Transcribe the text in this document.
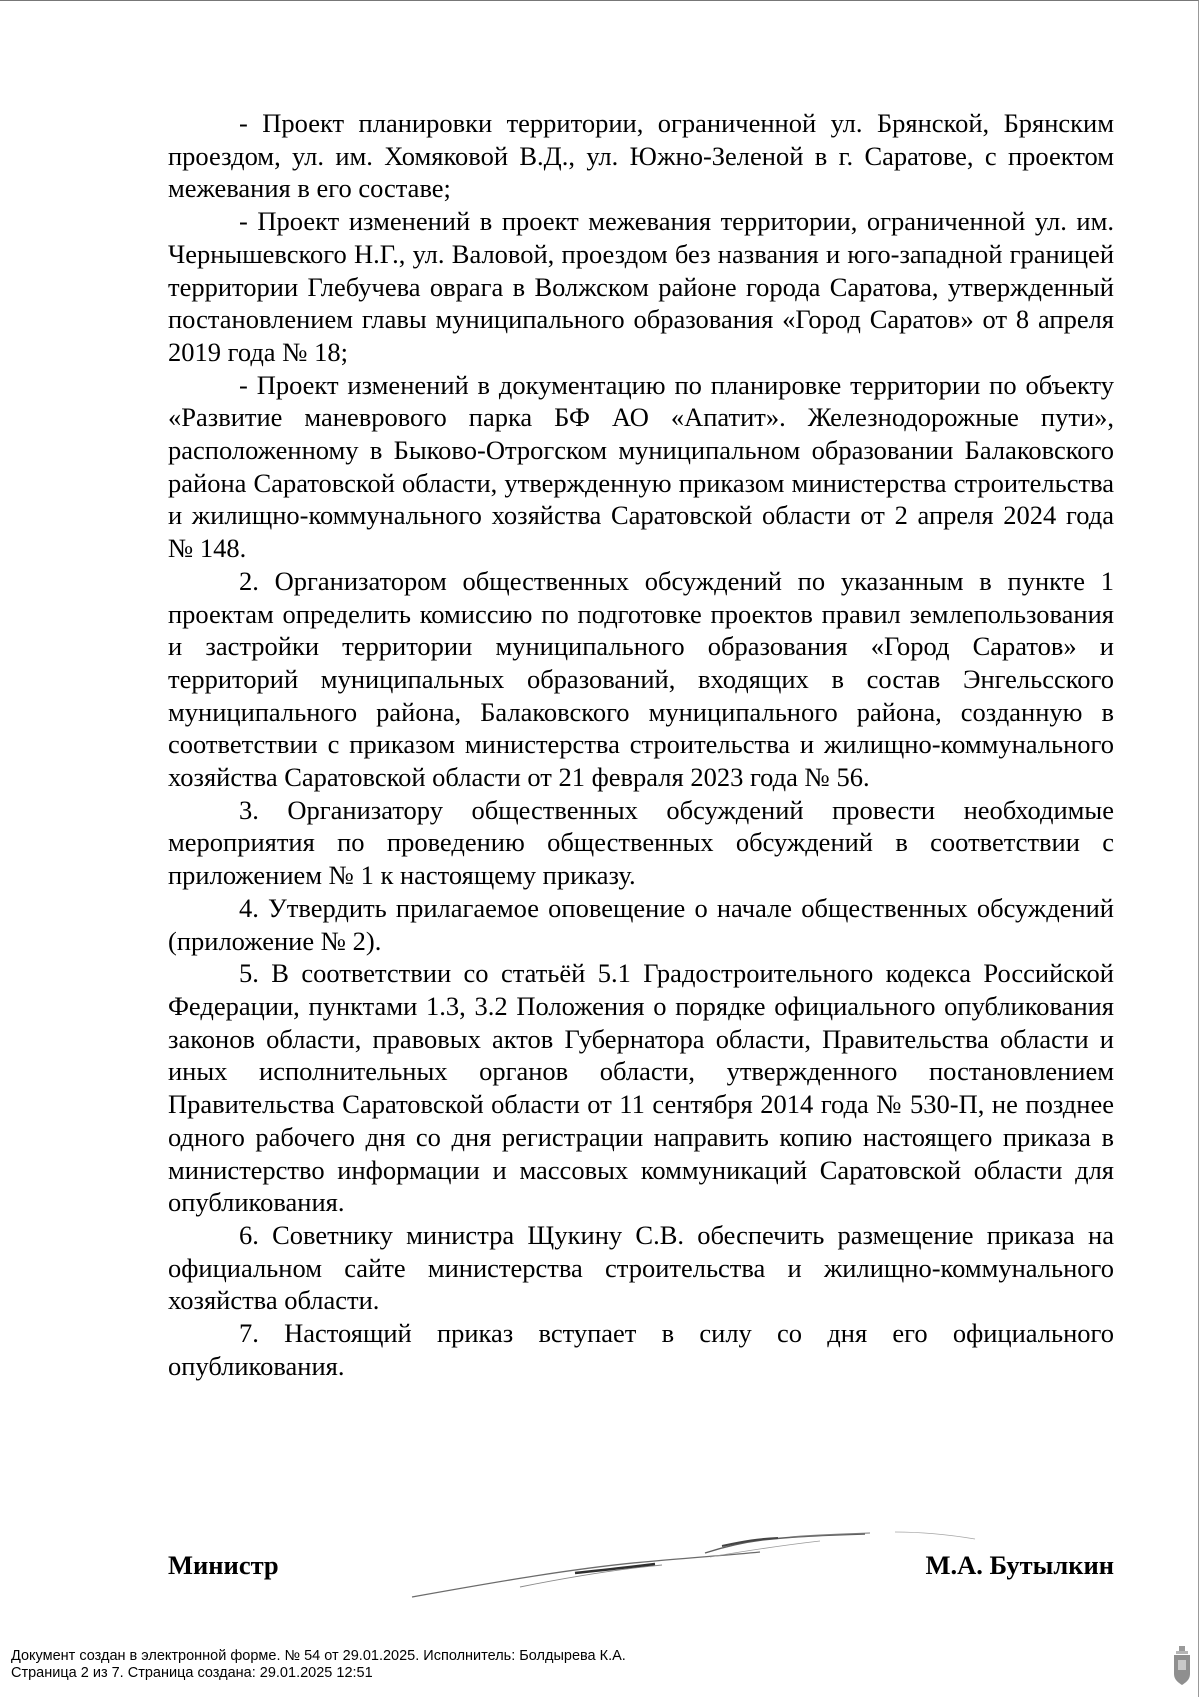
- Проект планировки территории, ограниченной ул. Брянской, Брянским проездом, ул. им. Хомяковой В.Д., ул. Южно-Зеленой в г. Саратове, с проектом межевания в его составе;

- Проект изменений в проект межевания территории, ограниченной ул. им. Чернышевского Н.Г., ул. Валовой, проездом без названия и юго-западной границей территории Глебучева оврага в Волжском районе города Саратова, утвержденный постановлением главы муниципального образования «Город Саратов» от 8 апреля 2019 года № 18;

- Проект изменений в документацию по планировке территории по объекту «Развитие маневрового парка БФ АО «Апатит». Железнодорожные пути», расположенному в Быково-Отрогском муниципальном образовании Балаковского района Саратовской области, утвержденную приказом министерства строительства и жилищно-коммунального хозяйства Саратовской области от 2 апреля 2024 года № 148.

2. Организатором общественных обсуждений по указанным в пункте 1 проектам определить комиссию по подготовке проектов правил землепользования и застройки территории муниципального образования «Город Саратов» и территорий муниципальных образований, входящих в состав Энгельсского муниципального района, Балаковского муниципального района, созданную в соответствии с приказом министерства строительства и жилищно-коммунального хозяйства Саратовской области от 21 февраля 2023 года № 56.

3. Организатору общественных обсуждений провести необходимые мероприятия по проведению общественных обсуждений в соответствии с приложением № 1 к настоящему приказу.

4. Утвердить прилагаемое оповещение о начале общественных обсуждений (приложение № 2).

5. В соответствии со статьёй 5.1 Градостроительного кодекса Российской Федерации, пунктами 1.3, 3.2 Положения о порядке официального опубликования законов области, правовых актов Губернатора области, Правительства области и иных исполнительных органов области, утвержденного постановлением Правительства Саратовской области от 11 сентября 2014 года № 530-П, не позднее одного рабочего дня со дня регистрации направить копию настоящего приказа в министерство информации и массовых коммуникаций Саратовской области для опубликования.

6. Советнику министра Щукину С.В. обеспечить размещение приказа на официальном сайте министерства строительства и жилищно-коммунального хозяйства области.

7. Настоящий приказ вступает в силу со дня его официального опубликования.

Министр	М.А. Бутылкин
Документ создан в электронной форме. № 54 от 29.01.2025. Исполнитель: Болдырева К.А.
Страница 2 из 7. Страница создана: 29.01.2025 12:51
